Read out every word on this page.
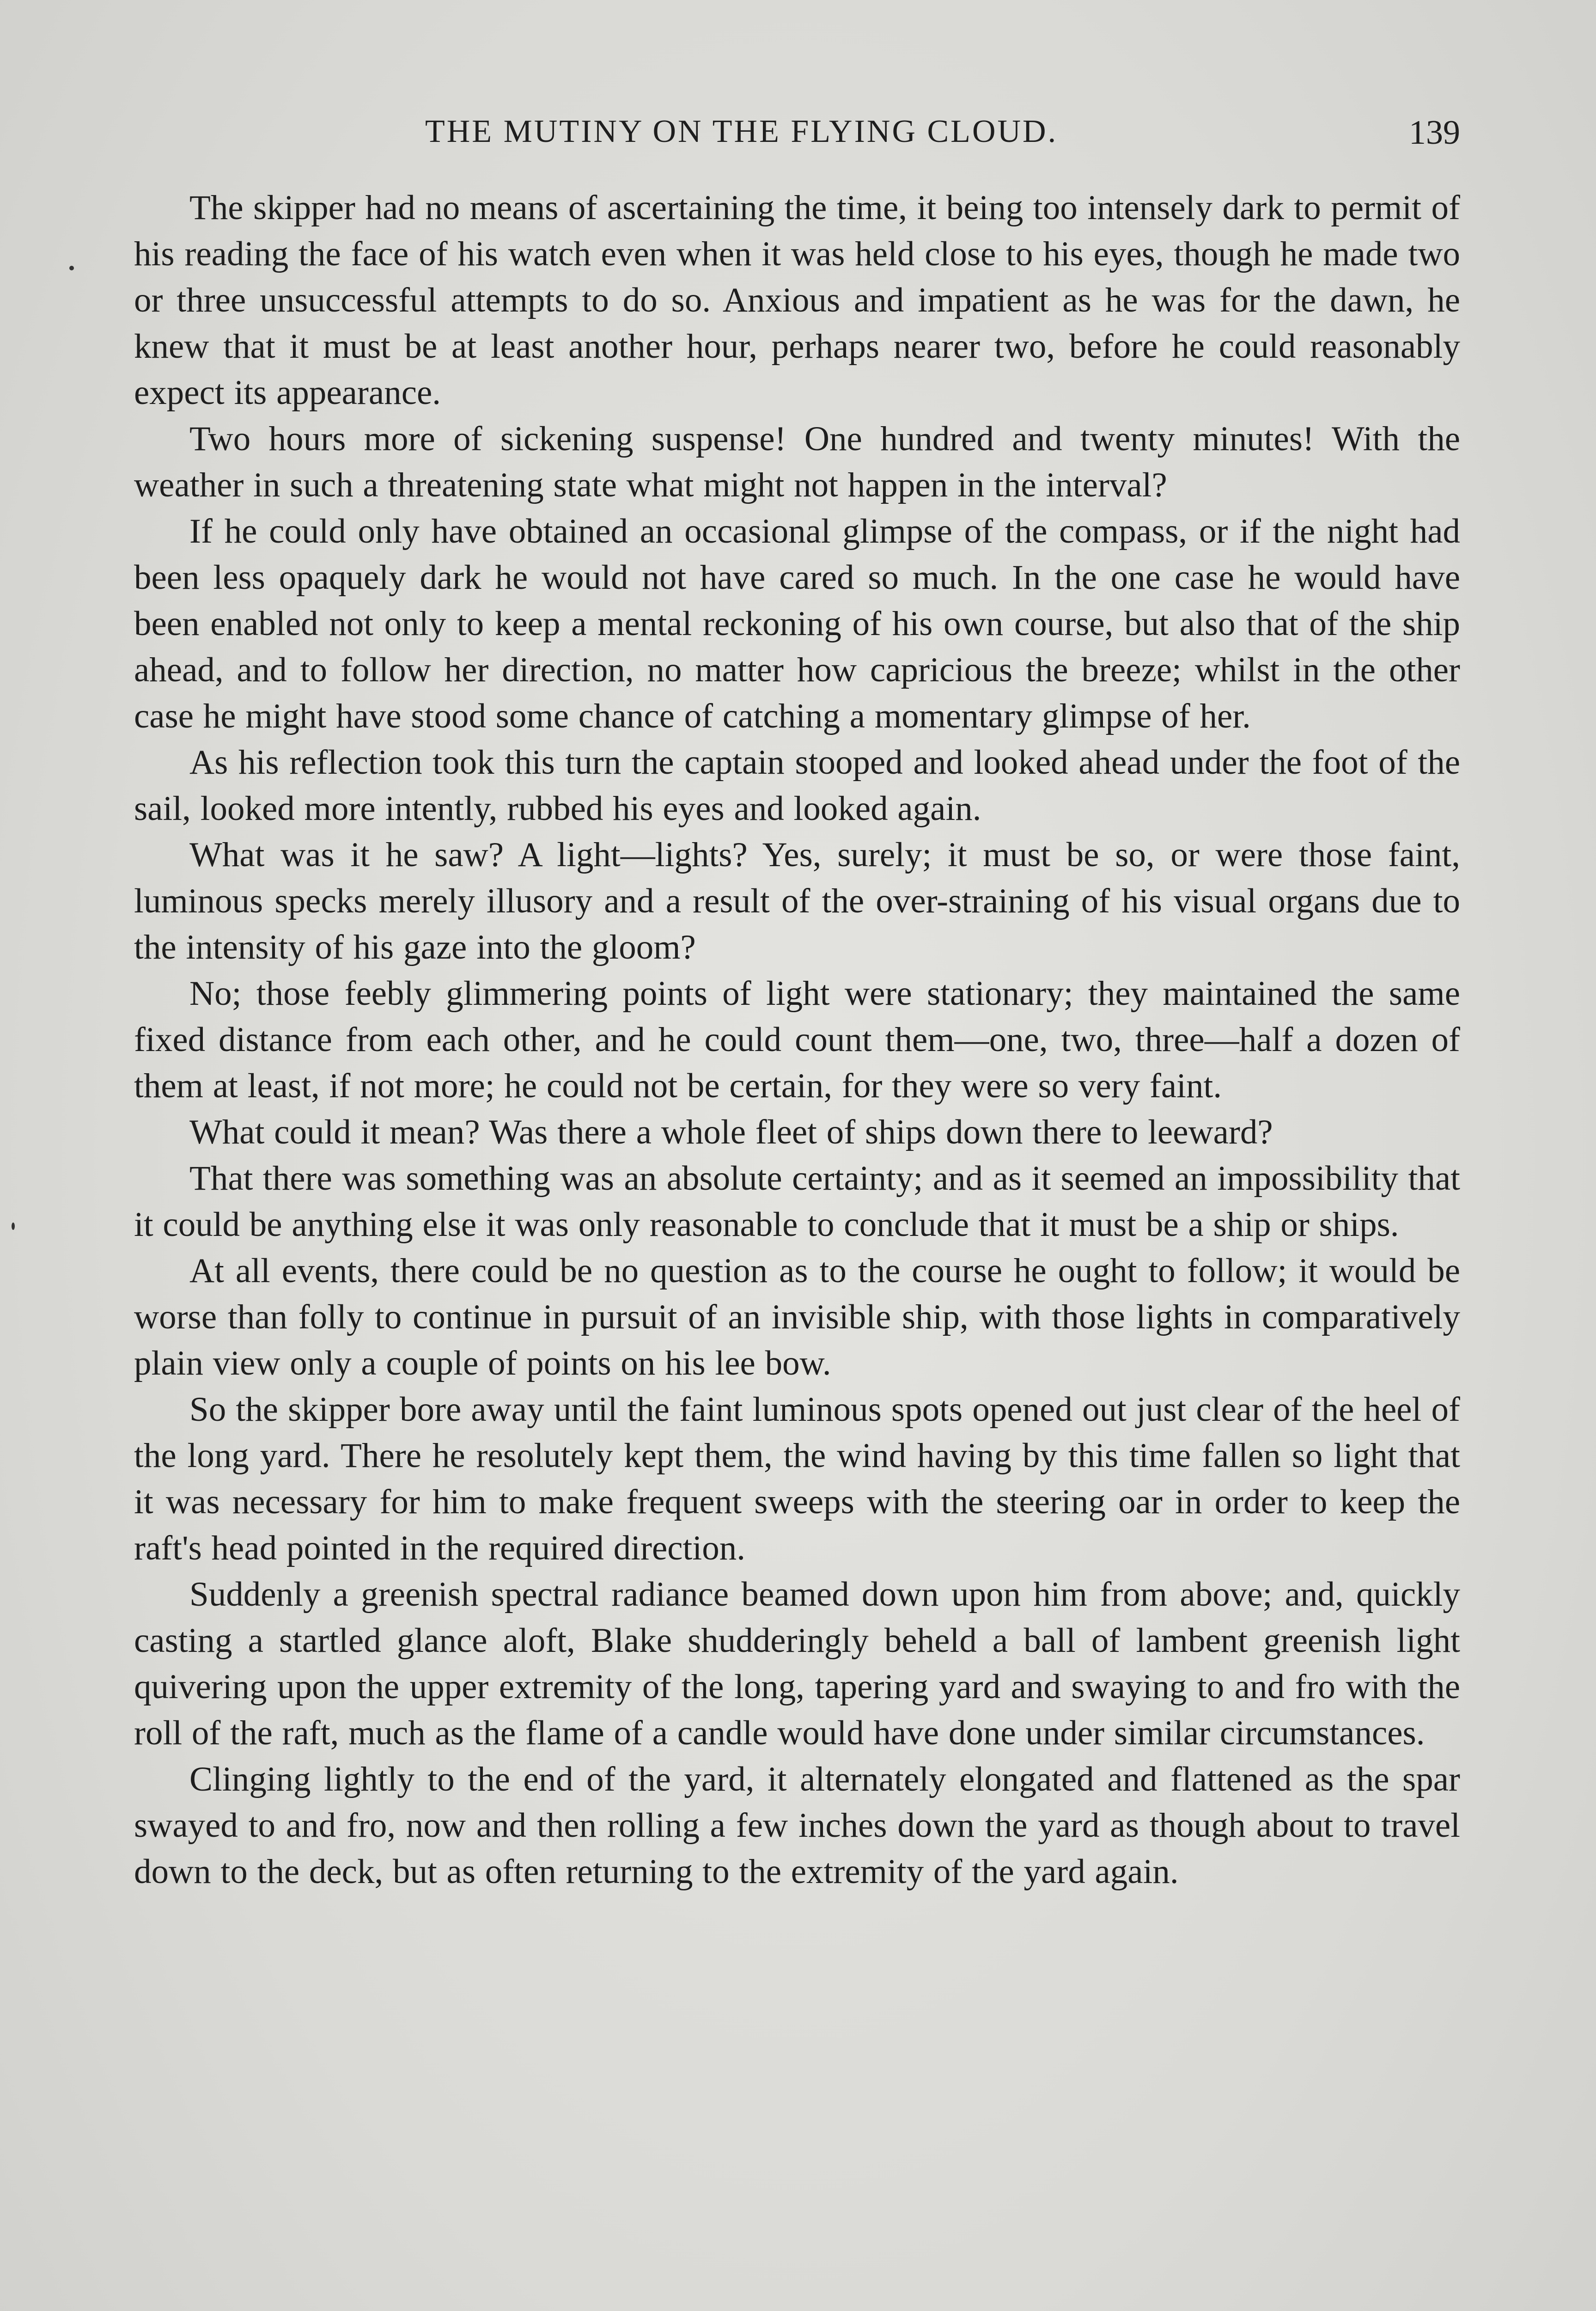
THE MUTINY ON THE FLYING CLOUD.	139

The skipper had no means of ascertaining the time, it being too intensely dark to permit of his reading the face of his watch even when it was held close to his eyes, though he made two or three unsuccessful attempts to do so. Anxious and impatient as he was for the dawn, he knew that it must be at least another hour, perhaps nearer two, before he could reasonably expect its appearance.

Two hours more of sickening suspense! One hundred and twenty minutes! With the weather in such a threatening state what might not happen in the interval?

If he could only have obtained an occasional glimpse of the compass, or if the night had been less opaquely dark he would not have cared so much. In the one case he would have been enabled not only to keep a mental reckoning of his own course, but also that of the ship ahead, and to follow her direction, no matter how capricious the breeze; whilst in the other case he might have stood some chance of catching a momentary glimpse of her.

As his reflection took this turn the captain stooped and looked ahead under the foot of the sail, looked more intently, rubbed his eyes and looked again.

What was it he saw? A light—lights? Yes, surely; it must be so, or were those faint, luminous specks merely illusory and a result of the over-straining of his visual organs due to the intensity of his gaze into the gloom?

No; those feebly glimmering points of light were stationary; they maintained the same fixed distance from each other, and he could count them—one, two, three—half a dozen of them at least, if not more; he could not be certain, for they were so very faint.

What could it mean? Was there a whole fleet of ships down there to leeward?

That there was something was an absolute certainty; and as it seemed an impossibility that it could be anything else it was only reasonable to conclude that it must be a ship or ships.

At all events, there could be no question as to the course he ought to follow; it would be worse than folly to continue in pursuit of an invisible ship, with those lights in comparatively plain view only a couple of points on his lee bow.

So the skipper bore away until the faint luminous spots opened out just clear of the heel of the long yard. There he resolutely kept them, the wind having by this time fallen so light that it was necessary for him to make frequent sweeps with the steering oar in order to keep the raft's head pointed in the required direction.

Suddenly a greenish spectral radiance beamed down upon him from above; and, quickly casting a startled glance aloft, Blake shudderingly beheld a ball of lambent greenish light quivering upon the upper extremity of the long, tapering yard and swaying to and fro with the roll of the raft, much as the flame of a candle would have done under similar circumstances.

Clinging lightly to the end of the yard, it alternately elongated and flattened as the spar swayed to and fro, now and then rolling a few inches down the yard as though about to travel down to the deck, but as often returning to the extremity of the yard again.
